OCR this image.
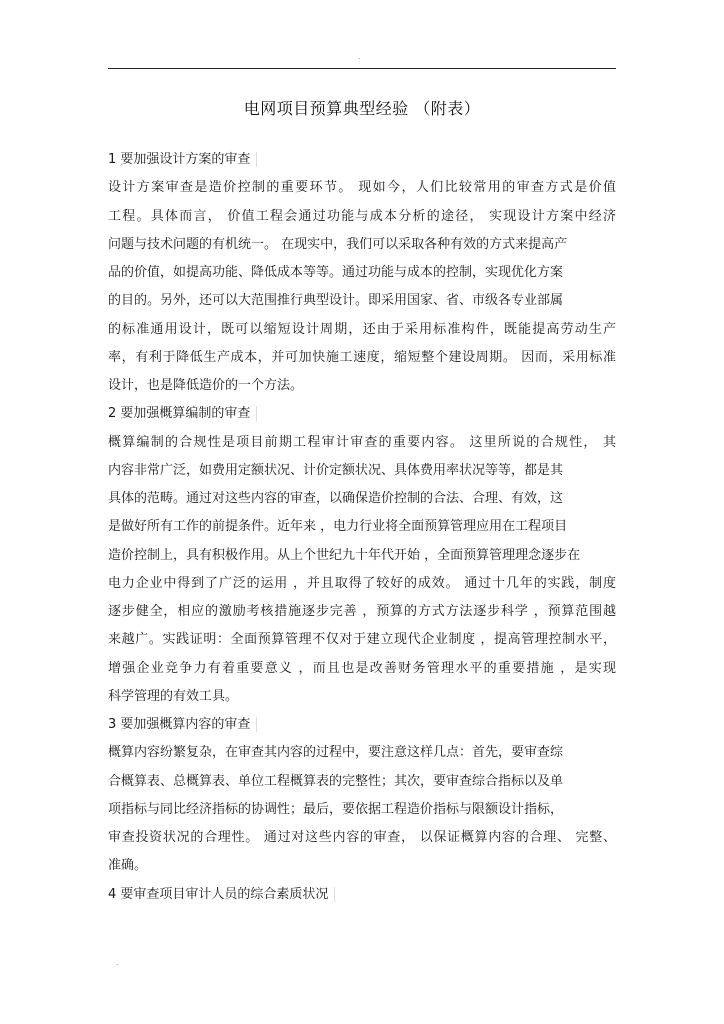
.
电网项目预算典型经验 （附表）
1 要加强设计方案的审查
设计方案审查是造价控制的重要环节。 现如今，人们比较常用的审查方式是价值
工程。具体而言， 价值工程会通过功能与成本分析的途径， 实现设计方案中经济
问题与技术问题的有机统一。 在现实中，我们可以采取各种有效的方式来提高产
品的价值，如提高功能、降低成本等等。通过功能与成本的控制，实现优化方案
的目的。另外，还可以大范围推行典型设计。即采用国家、省、市级各专业部属
的标准通用设计，既可以缩短设计周期，还由于采用标准构件，既能提高劳动生产
率，有利于降低生产成本，并可加快施工速度，缩短整个建设周期。 因而，采用标准
设计，也是降低造价的一个方法。
2 要加强概算编制的审查
概算编制的合规性是项目前期工程审计审查的重要内容。 这里所说的合规性， 其
内容非常广泛，如费用定额状况、计价定额状况、具体费用率状况等等，都是其
具体的范畴。通过对这些内容的审查，以确保造价控制的合法、合理、有效，这
是做好所有工作的前提条件。近年来 ，电力行业将全面预算管理应用在工程项目
造价控制上，具有积极作用。从上个世纪九十年代开始 ，全面预算管理理念逐步在
电力企业中得到了广泛的运用 ，并且取得了较好的成效。 通过十几年的实践，制度
逐步健全，相应的激励考核措施逐步完善 ，预算的方式方法逐步科学 ，预算范围越
来越广。实践证明：全面预算管理不仅对于建立现代企业制度 ，提高管理控制水平，
增强企业竞争力有着重要意义 ，而且也是改善财务管理水平的重要措施 ，是实现
科学管理的有效工具。
3 要加强概算内容的审查
概算内容纷繁复杂，在审查其内容的过程中，要注意这样几点：首先，要审查综
合概算表、总概算表、单位工程概算表的完整性；其次，要审查综合指标以及单
项指标与同比经济指标的协调性；最后，要依据工程造价指标与限额设计指标，
审查投资状况的合理性。 通过对这些内容的审查， 以保证概算内容的合理、 完整、
准确。
4 要审查项目审计人员的综合素质状况
.
